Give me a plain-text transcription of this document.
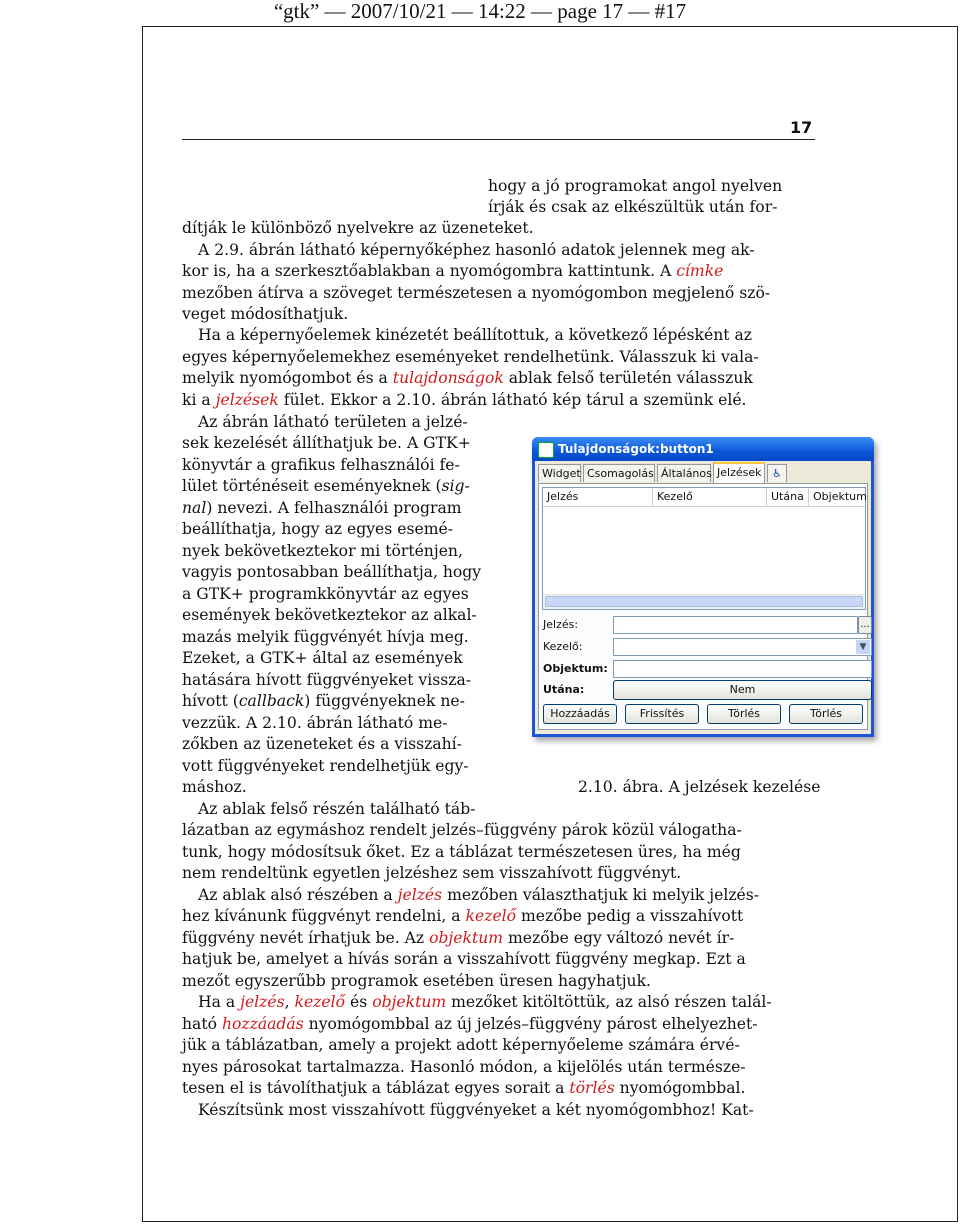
“gtk” — 2007/10/21 — 14:22 — page 17 — #17
17
hogy a jó programokat angol nyelven
írják és csak az elkészültük után for-
dítják le különböző nyelvekre az üzeneteket.
A 2.9. ábrán látható képernyőképhez hasonló adatok jelennek meg ak-
kor is, ha a szerkesztőablakban a nyomógombra kattintunk. A címke
mezőben átírva a szöveget természetesen a nyomógombon megjelenő szö-
veget módosíthatjuk.
Ha a képernyőelemek kinézetét beállítottuk, a következő lépésként az
egyes képernyőelemekhez eseményeket rendelhetünk. Válasszuk ki vala-
melyik nyomógombot és a tulajdonságok ablak felső területén válasszuk
ki a jelzések fület. Ekkor a 2.10. ábrán látható kép tárul a szemünk elé.
Az ábrán látható területen a jelzé-
sek kezelését állíthatjuk be. A GTK+
könyvtár a grafikus felhasználói fe-
lület történéseit eseményeknek (sig-
nal) nevezi. A felhasználói program
beállíthatja, hogy az egyes esemé-
nyek bekövetkeztekor mi történjen,
vagyis pontosabban beállíthatja, hogy
a GTK+ programkkönyvtár az egyes
események bekövetkeztekor az alkal-
mazás melyik függvényét hívja meg.
Ezeket, a GTK+ által az események
hatására hívott függvényeket vissza-
hívott (callback) függvényeknek ne-
vezzük. A 2.10. ábrán látható me-
zőkben az üzeneteket és a visszahí-
vott függvényeket rendelhetjük egy-
máshoz.	2.10. ábra. A jelzések kezelése
Az ablak felső részén található táb-
lázatban az egymáshoz rendelt jelzés–függvény párok közül válogatha-
tunk, hogy módosítsuk őket. Ez a táblázat természetesen üres, ha még
nem rendeltünk egyetlen jelzéshez sem visszahívott függvényt.
Az ablak alsó részében a jelzés mezőben választhatjuk ki melyik jelzés-
hez kívánunk függvényt rendelni, a kezelő mezőbe pedig a visszahívott
függvény nevét írhatjuk be. Az objektum mezőbe egy változó nevét ír-
hatjuk be, amelyet a hívás során a visszahívott függvény megkap. Ezt a
mezőt egyszerűbb programok esetében üresen hagyhatjuk.
Ha a jelzés, kezelő és objektum mezőket kitöltöttük, az alsó részen talál-
ható hozzáadás nyomógombbal az új jelzés–függvény párost elhelyezhet-
jük a táblázatban, amely a projekt adott képernyőeleme számára érvé-
nyes párosokat tartalmazza. Hasonló módon, a kijelölés után természe-
tesen el is távolíthatjuk a táblázat egyes sorait a törlés nyomógombbal.
Készítsünk most visszahívott függvényeket a két nyomógombhoz! Kat-
Tulajdonságok:button1
Widget Csomagolás Általános Jelzések ♿
Jelzés	Kezelő	Utána Objektum
Jelzés:	...
Kezelő:	▼
Objektum:
Utána:	Nem
Hozzáadás	Frissítés	Törlés	Törlés
